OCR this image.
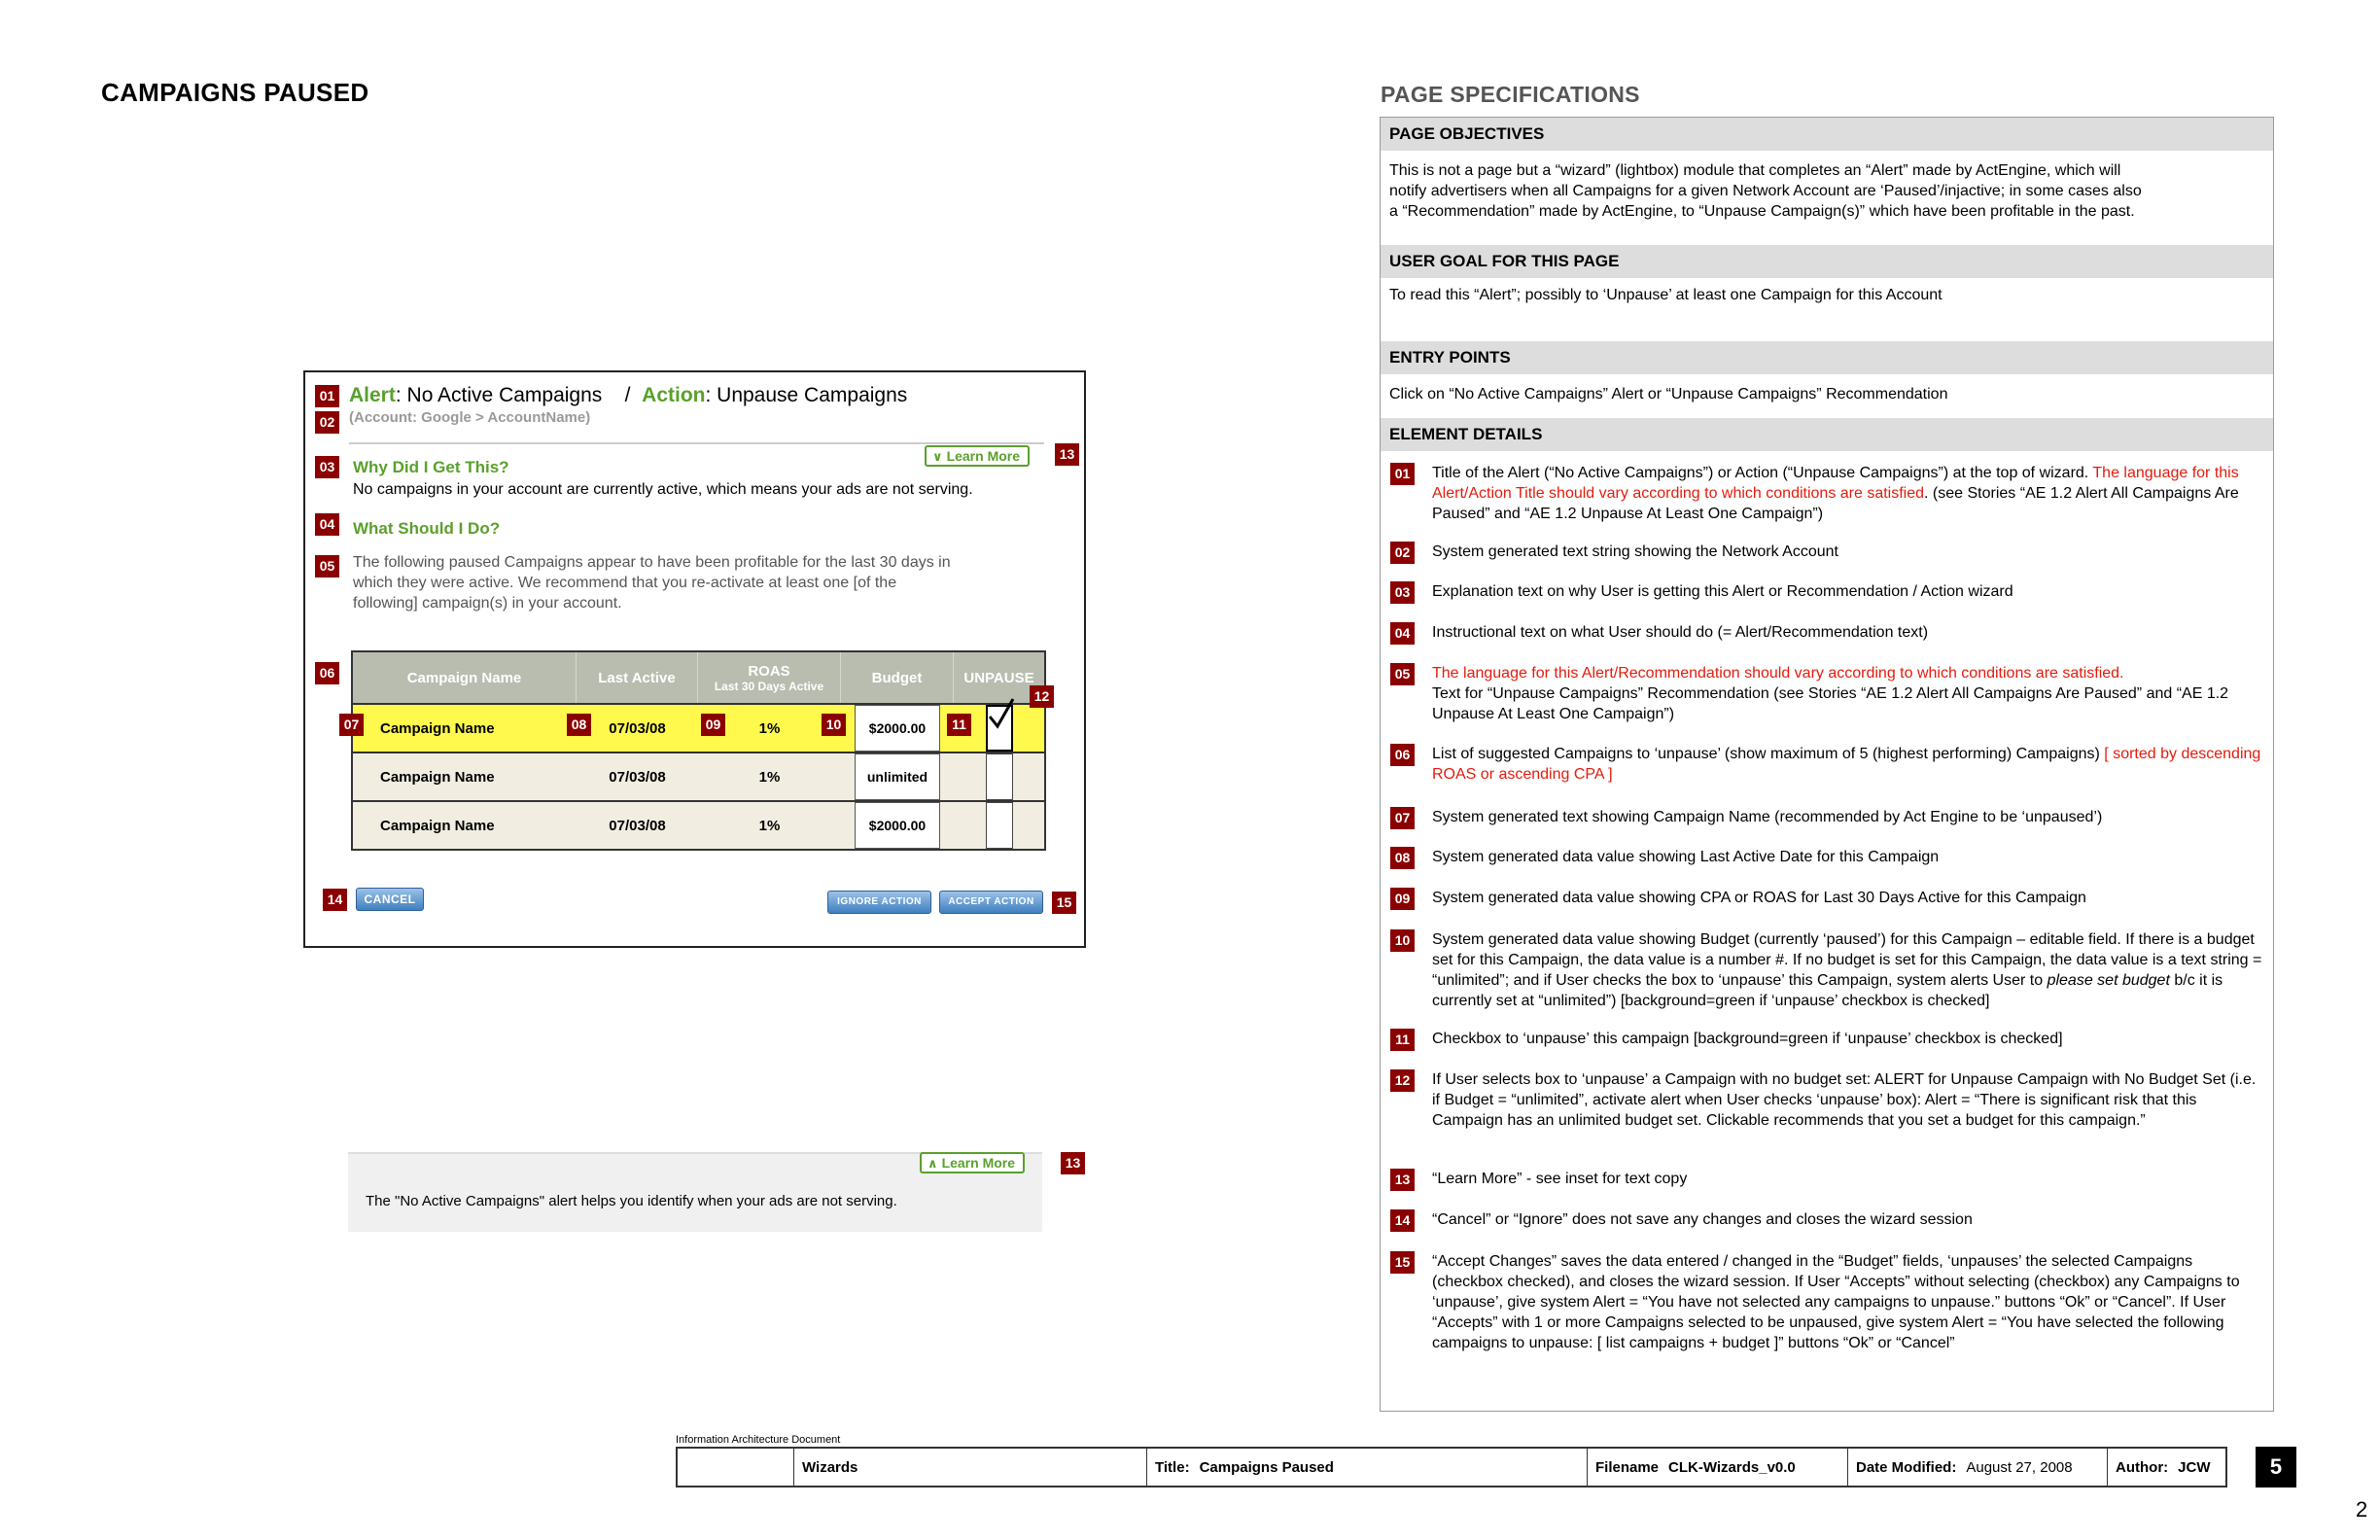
CAMPAIGNS PAUSED
01 Alert: No Active Campaigns / Action: Unpause Campaigns
02 (Account: Google > AccountName)
∨ Learn More	13
03 Why Did I Get This?
No campaigns in your account are currently active, which means your ads are not serving.
04 What Should I Do?
05 The following paused Campaigns appear to have been profitable for the last 30 days in
which they were active. We recommend that you re-activate at least one [of the
following] campaign(s) in your account.
06	Campaign Name	Last Active	ROAS
Last 30 Days Active	Budget	UNPAUSE
Campaign Name	07/03/08	1%	$2000.00
Campaign Name	07/03/08	1%	unlimited
Campaign Name	07/03/08	1%	$2000.00
07	08	09	10	11
12
14	CANCEL	IGNORE ACTION	ACCEPT ACTION	15
∧ Learn More	13
The "No Active Campaigns" alert helps you identify when your ads are not serving.
PAGE SPECIFICATIONS
PAGE OBJECTIVES
This is not a page but a “wizard” (lightbox) module that completes an “Alert” made by ActEngine, which will
notify advertisers when all Campaigns for a given Network Account are ‘Paused’/injactive; in some cases also
a “Recommendation” made by ActEngine, to “Unpause Campaign(s)” which have been profitable in the past.
USER GOAL FOR THIS PAGE
To read this “Alert”; possibly to ‘Unpause’ at least one Campaign for this Account
ENTRY POINTS
Click on “No Active Campaigns” Alert or “Unpause Campaigns” Recommendation
ELEMENT DETAILS
01 Title of the Alert (“No Active Campaigns”) or Action (“Unpause Campaigns”) at the top of wizard. The language for this Alert/Action Title should vary according to which conditions are satisfied. (see Stories “AE 1.2 Alert All Campaigns Are Paused” and “AE 1.2 Unpause At Least One Campaign”)
02 System generated text string showing the Network Account
03 Explanation text on why User is getting this Alert or Recommendation / Action wizard
04 Instructional text on what User should do (= Alert/Recommendation text)
05 The language for this Alert/Recommendation should vary according to which conditions are satisfied.
Text for “Unpause Campaigns” Recommendation (see Stories “AE 1.2 Alert All Campaigns Are Paused” and “AE 1.2 Unpause At Least One Campaign”)
06 List of suggested Campaigns to ‘unpause’ (show maximum of 5 (highest performing) Campaigns) [ sorted by descending ROAS or ascending CPA ]
07 System generated text showing Campaign Name (recommended by Act Engine to be ‘unpaused’)
08 System generated data value showing Last Active Date for this Campaign
09 System generated data value showing CPA or ROAS for Last 30 Days Active for this Campaign
10 System generated data value showing Budget (currently ‘paused’) for this Campaign – editable field. If there is a budget set for this Campaign, the data value is a number #. If no budget is set for this Campaign, the data value is a text string = “unlimited”; and if User checks the box to ‘unpause’ this Campaign, system alerts User to please set budget b/c it is currently set at “unlimited”) [background=green if ‘unpause’ checkbox is checked]
11	Checkbox to ‘unpause’ this campaign [background=green if ‘unpause’ checkbox is checked]
12 If User selects box to ‘unpause’ a Campaign with no budget set: ALERT for Unpause Campaign with No Budget Set (i.e. if Budget = “unlimited”, activate alert when User checks ‘unpause’ box): Alert = “There is significant risk that this Campaign has an unlimited budget set. Clickable recommends that you set a budget for this campaign.”
13 “Learn More” - see inset for text copy
14 “Cancel” or “Ignore” does not save any changes and closes the wizard session
15 “Accept Changes” saves the data entered / changed in the “Budget” fields, ‘unpauses’ the selected Campaigns (checkbox checked), and closes the wizard session. If User “Accepts” without selecting (checkbox) any Campaigns to ‘unpause’, give system Alert = “You have not selected any campaigns to unpause.” buttons “Ok” or “Cancel”. If User “Accepts” with 1 or more Campaigns selected to be unpaused, give system Alert = “You have selected the following campaigns to unpause: [ list campaigns + budget ]” buttons “Ok” or “Cancel”
Information Architecture Document
Wizards	Title: Campaigns Paused	Filename CLK-Wizards_v0.0	Date Modified: August 27, 2008	Author: JCW	5
2
